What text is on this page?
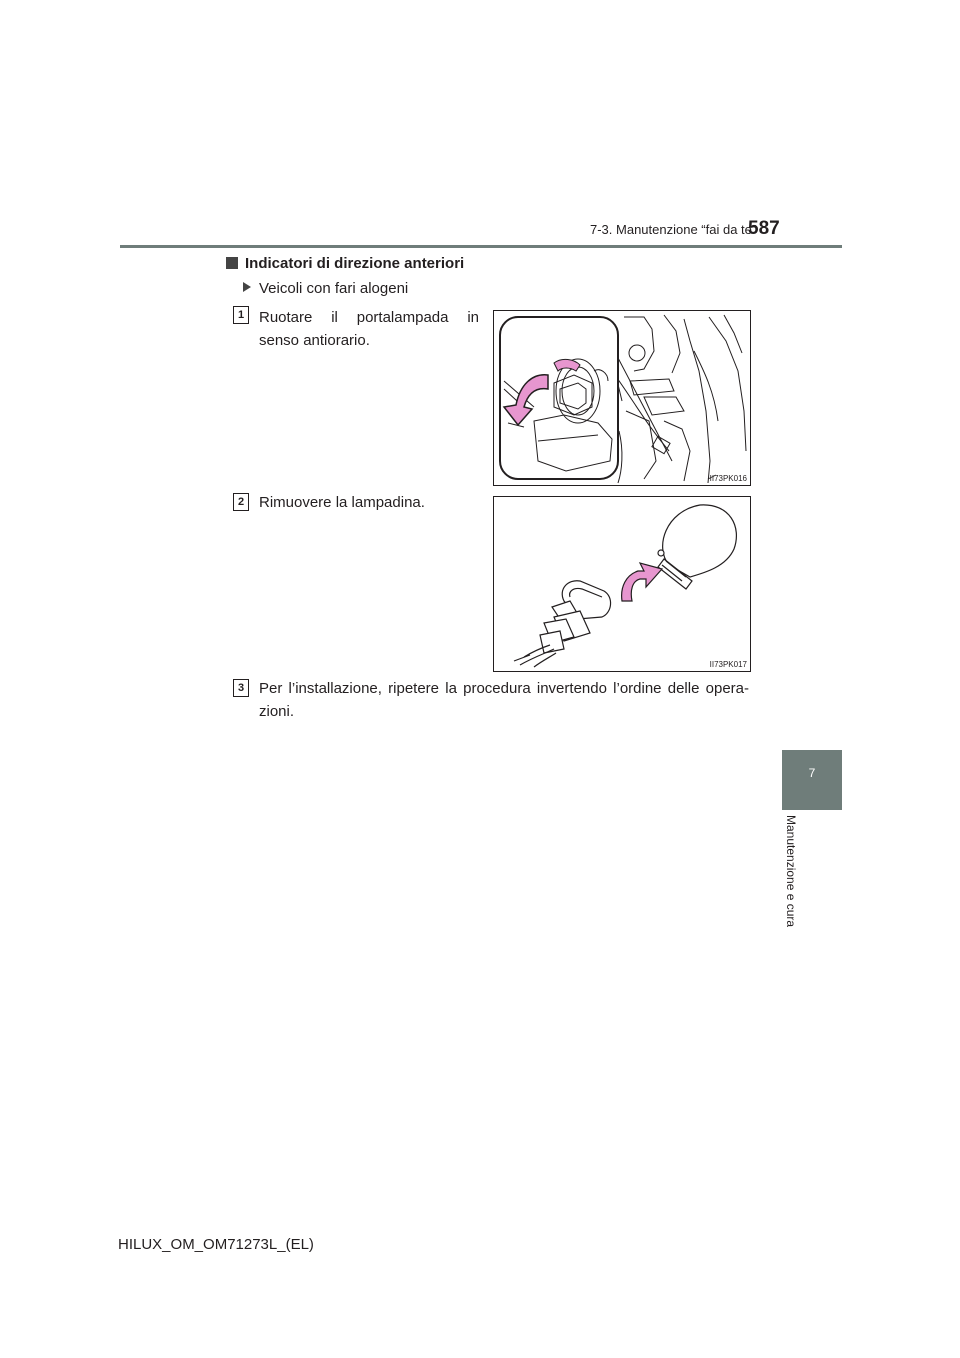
7-3. Manutenzione “fai da te”
587
7
Manutenzione e cura
Indicatori di direzione anteriori
Veicoli con fari alogeni
1 Ruotare il portalampada in
senso antiorario.
II73PK016
2 Rimuovere la lampadina.
II73PK017
3 Per l’installazione, ripetere la procedura invertendo l’ordine delle opera-
zioni.
HILUX_OM_OM71273L_(EL)
